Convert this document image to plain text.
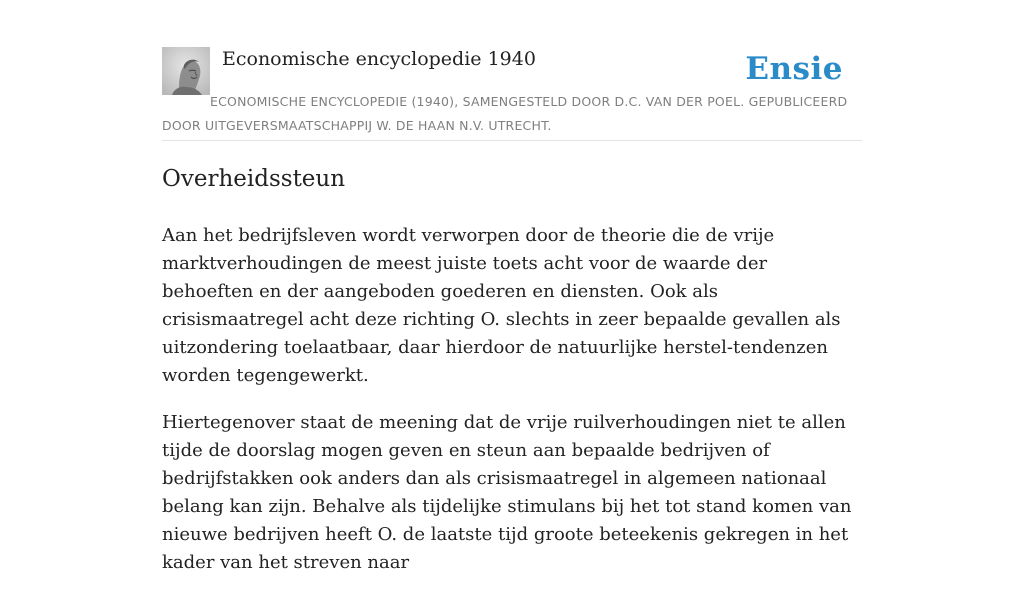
Economische encyclopedie 1940	Ensie
ECONOMISCHE ENCYCLOPEDIE (1940), SAMENGESTELD DOOR D.C. VAN DER POEL. GEPUBLICEERD DOOR UITGEVERSMAATSCHAPPIJ W. DE HAAN N.V. UTRECHT.
Overheidssteun

Aan het bedrijfsleven wordt verworpen door de theorie die de vrije marktverhoudingen de meest juiste toets acht voor de waarde der behoeften en der aangeboden goederen en diensten. Ook als crisismaatregel acht deze richting O. slechts in zeer bepaalde gevallen als uitzondering toelaatbaar, daar hierdoor de natuurlijke herstel-tendenzen worden tegengewerkt.

Hiertegenover staat de meening dat de vrije ruilverhoudingen niet te allen tijde de doorslag mogen geven en steun aan bepaalde bedrijven of bedrijfstakken ook anders dan als crisismaatregel in algemeen nationaal belang kan zijn. Behalve als tijdelijke stimulans bij het tot stand komen van nieuwe bedrijven heeft O. de laatste tijd groote beteekenis gekregen in het kader van het streven naar
